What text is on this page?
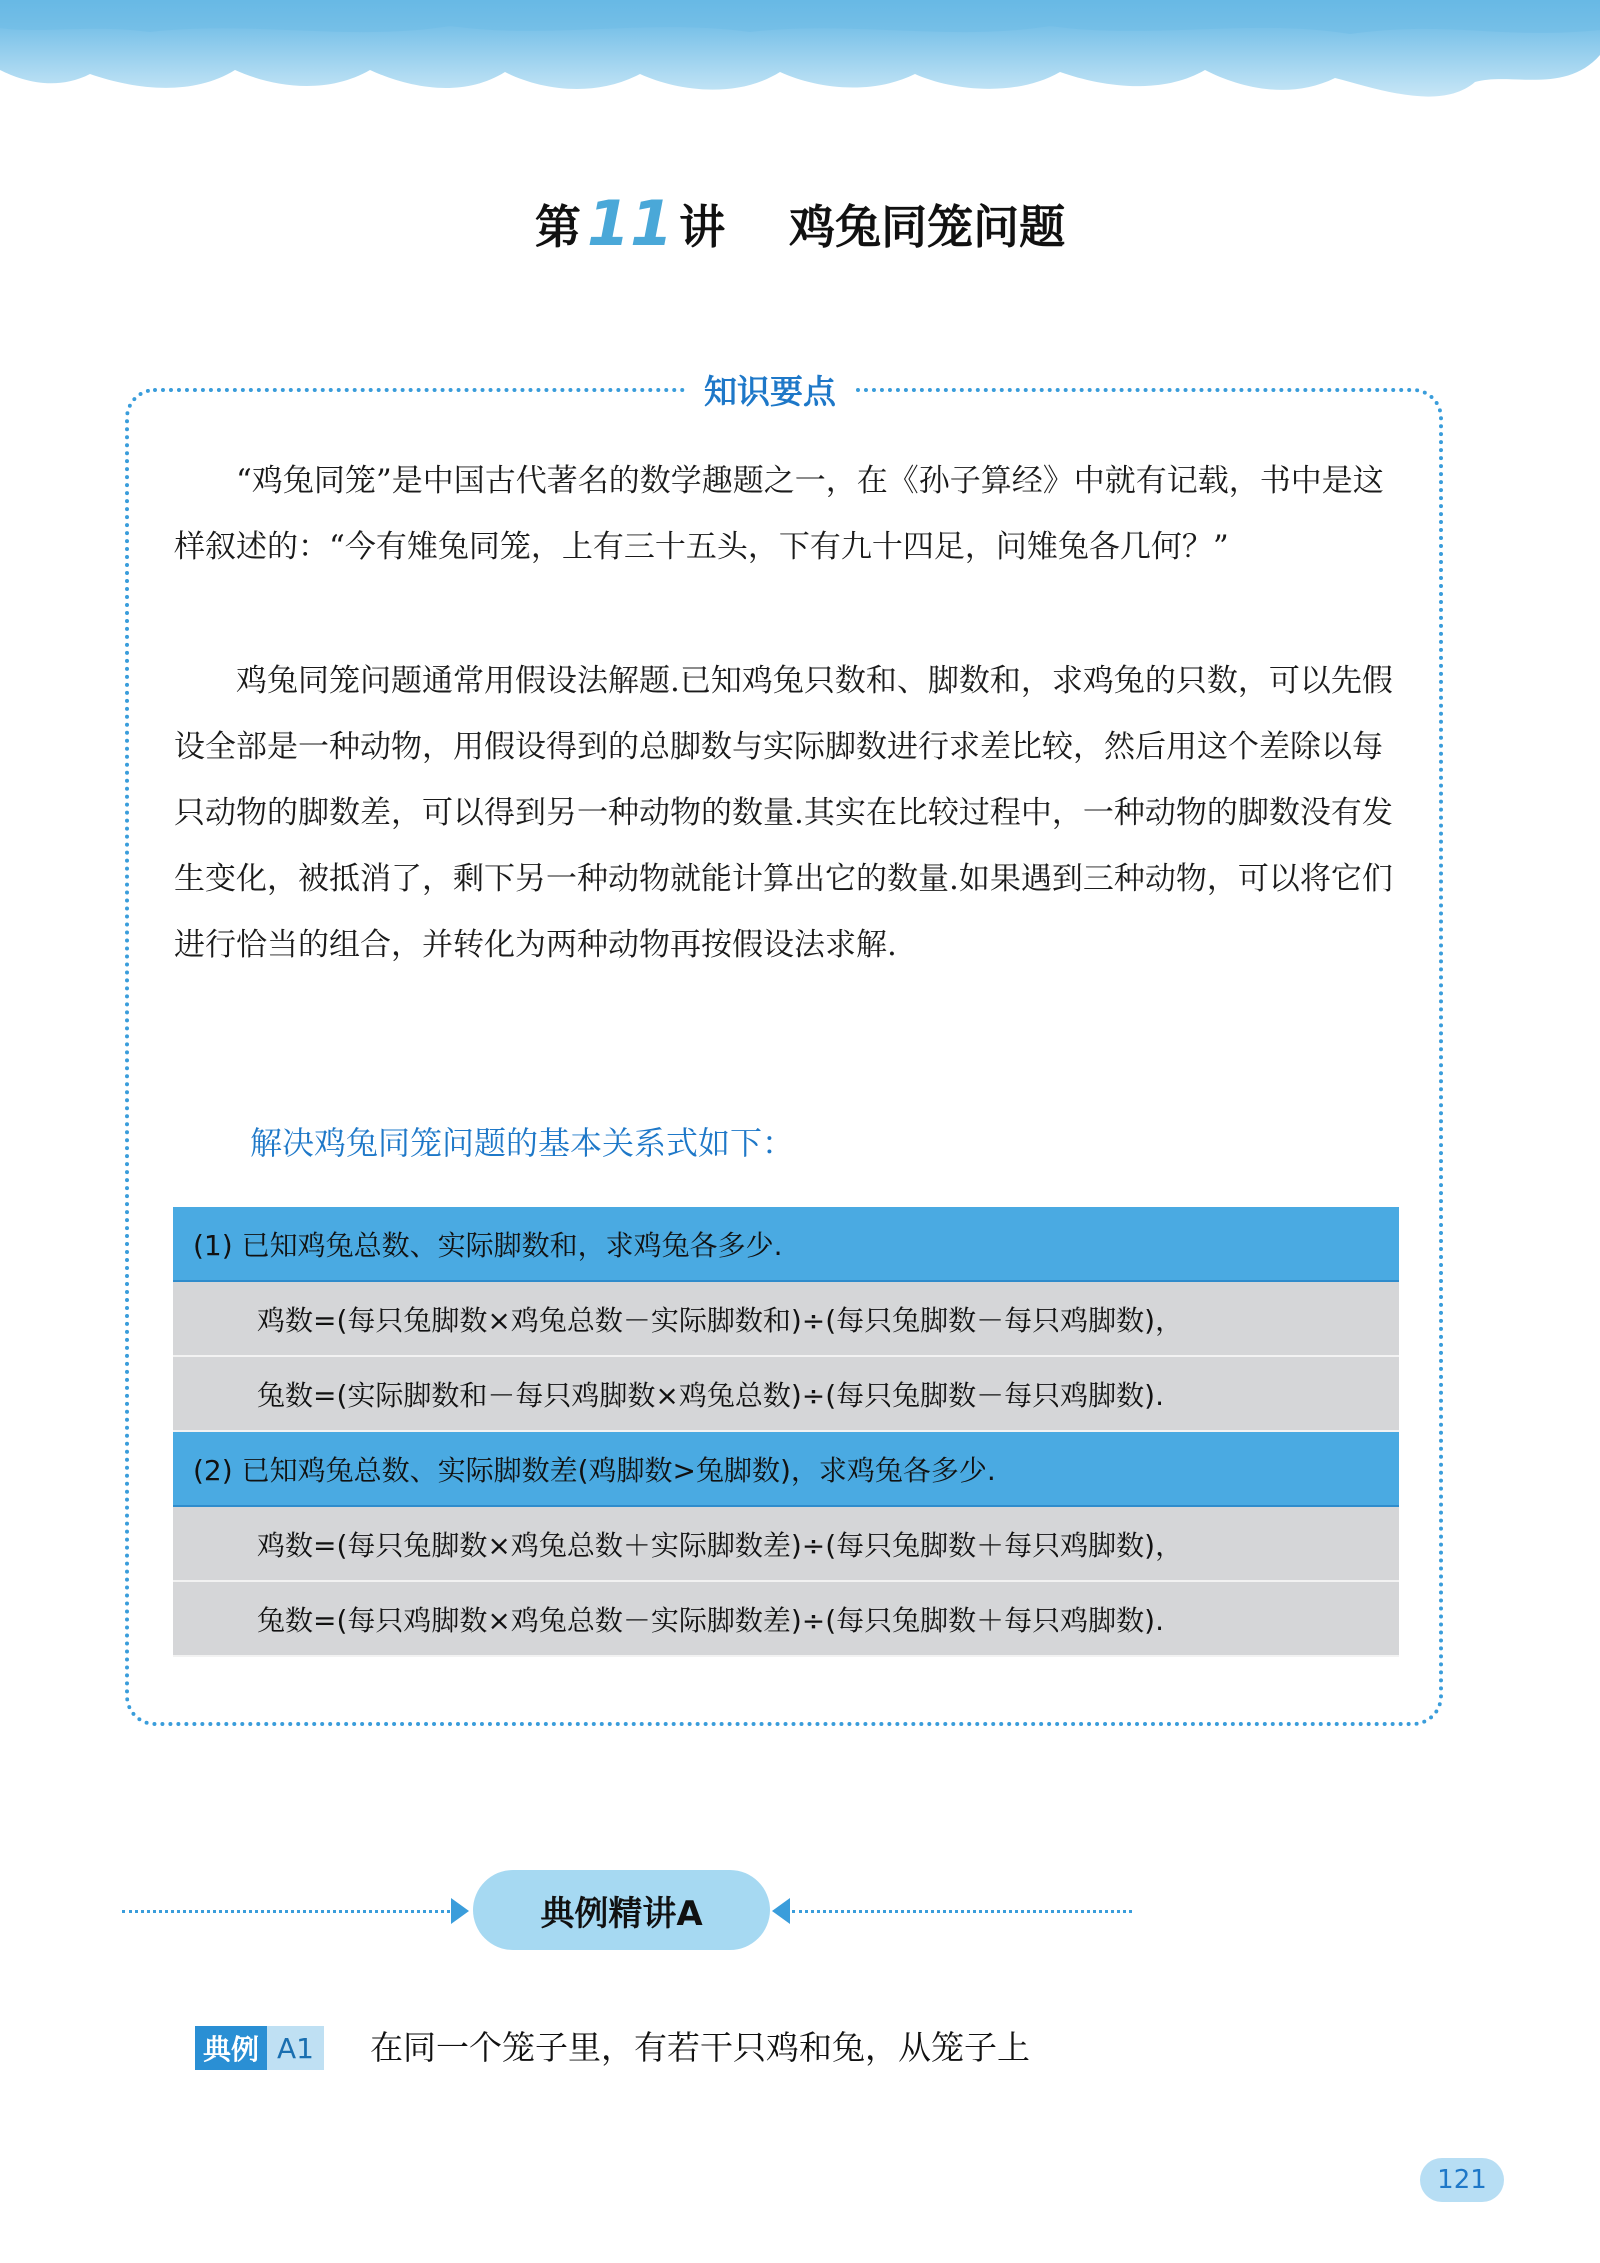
第11 讲 鸡兔同笼问题
知识要点

“鸡兔同笼”是中国古代著名的数学趣题之一，在《孙子算经》中就有记载，书中是这样叙述的：“今有雉兔同笼，上有三十五头，下有九十四足，问雉兔各几何？”

鸡兔同笼问题通常用假设法解题.已知鸡兔只数和、脚数和，求鸡兔的只数，可以先假设全部是一种动物，用假设得到的总脚数与实际脚数进行求差比较，然后用这个差除以每只动物的脚数差，可以得到另一种动物的数量.其实在比较过程中，一种动物的脚数没有发生变化，被抵消了，剩下另一种动物就能计算出它的数量.如果遇到三种动物，可以将它们进行恰当的组合，并转化为两种动物再按假设法求解.

解决鸡兔同笼问题的基本关系式如下：
(1) 已知鸡兔总数、实际脚数和，求鸡兔各多少.
鸡数=(每只兔脚数×鸡兔总数－实际脚数和)÷(每只兔脚数－每只鸡脚数)，
兔数=(实际脚数和－每只鸡脚数×鸡兔总数)÷(每只兔脚数－每只鸡脚数).
(2) 已知鸡兔总数、实际脚数差(鸡脚数>兔脚数)，求鸡兔各多少.
鸡数=(每只兔脚数×鸡兔总数＋实际脚数差)÷(每只兔脚数＋每只鸡脚数)，
兔数=(每只鸡脚数×鸡兔总数－实际脚数差)÷(每只兔脚数＋每只鸡脚数).
典例精讲A
典例 A1	在同一个笼子里，有若干只鸡和兔，从笼子上
121
